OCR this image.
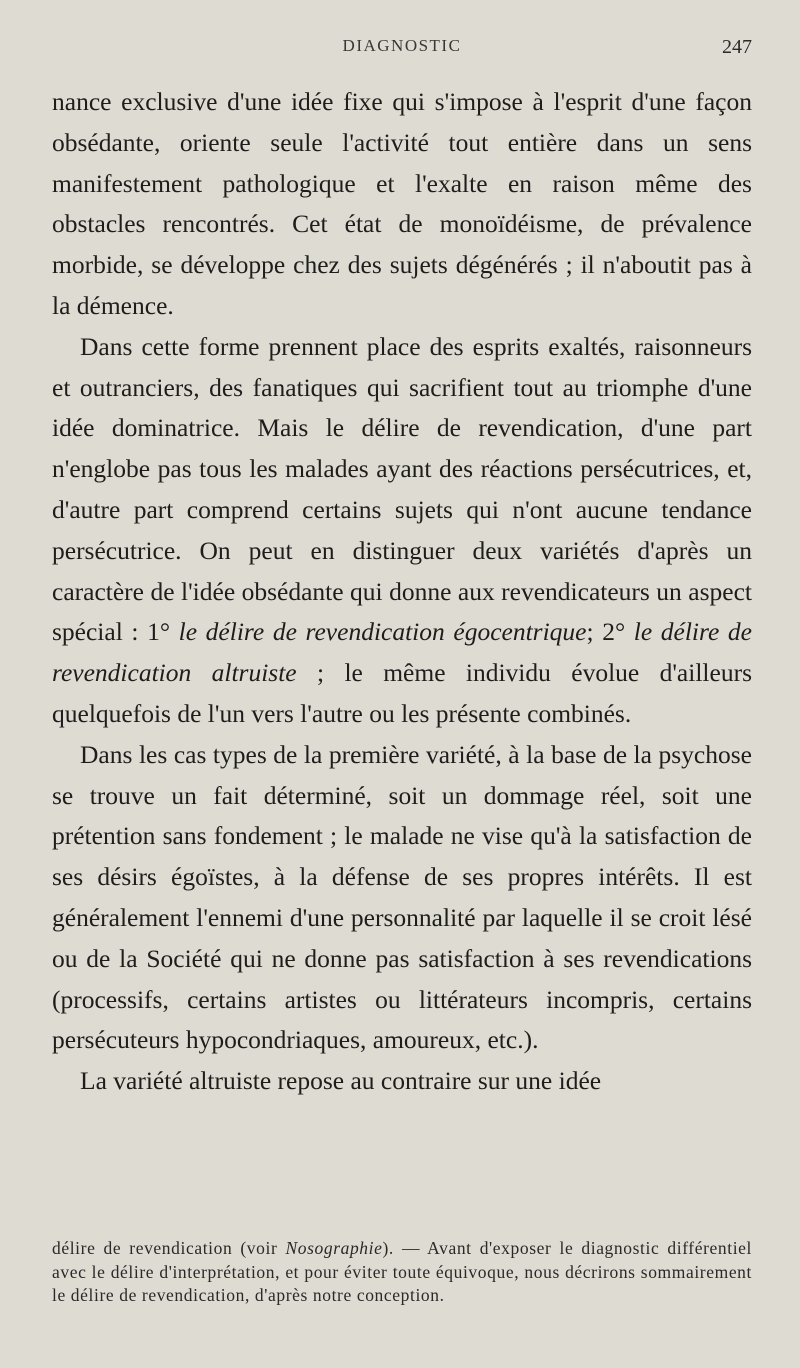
DIAGNOSTIC	247

nance exclusive d'une idée fixe qui s'impose à l'esprit d'une façon obsédante, oriente seule l'activité tout entière dans un sens manifestement pathologique et l'exalte en raison même des obstacles rencontrés. Cet état de monoïdéisme, de prévalence morbide, se développe chez des sujets dégénérés ; il n'aboutit pas à la démence.

Dans cette forme prennent place des esprits exaltés, raisonneurs et outranciers, des fanatiques qui sacrifient tout au triomphe d'une idée dominatrice. Mais le délire de revendication, d'une part n'englobe pas tous les malades ayant des réactions persécutrices, et, d'autre part comprend certains sujets qui n'ont aucune tendance persécutrice. On peut en distinguer deux variétés d'après un caractère de l'idée obsédante qui donne aux revendicateurs un aspect spécial : 1° le délire de revendication égocentrique; 2° le délire de revendication altruiste ; le même individu évolue d'ailleurs quelquefois de l'un vers l'autre ou les présente combinés.

Dans les cas types de la première variété, à la base de la psychose se trouve un fait déterminé, soit un dommage réel, soit une prétention sans fondement ; le malade ne vise qu'à la satisfaction de ses désirs égoïstes, à la défense de ses propres intérêts. Il est généralement l'ennemi d'une personnalité par laquelle il se croit lésé ou de la Société qui ne donne pas satisfaction à ses revendications (processifs, certains artistes ou littérateurs incompris, certains persécuteurs hypocondriaques, amoureux, etc.).

La variété altruiste repose au contraire sur une idée

délire de revendication (voir Nosographie). — Avant d'exposer le diagnostic différentiel avec le délire d'interprétation, et pour éviter toute équivoque, nous décrirons sommairement le délire de revendication, d'après notre conception.
